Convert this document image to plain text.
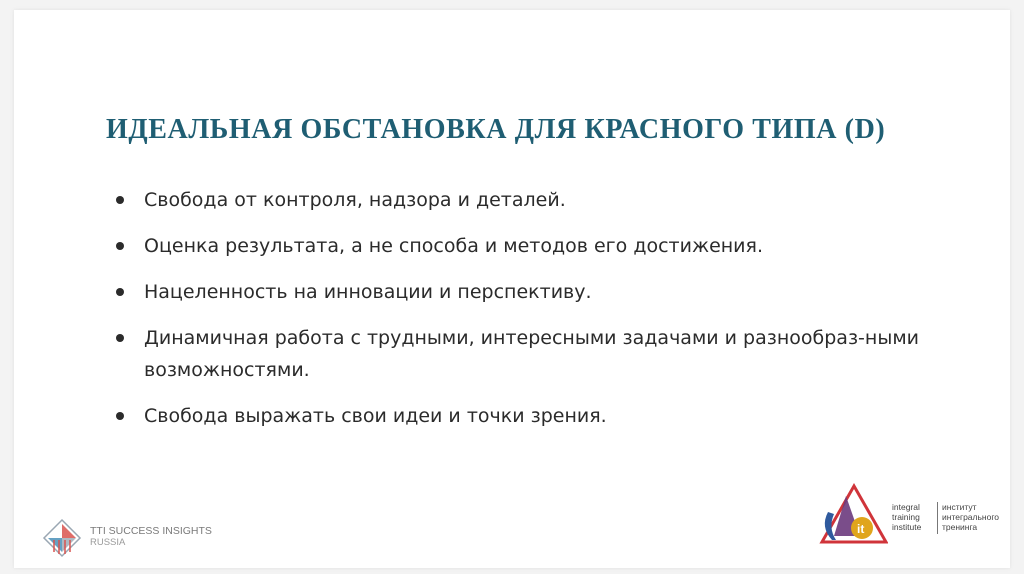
ИДЕАЛЬНАЯ ОБСТАНОВКА ДЛЯ КРАСНОГО ТИПА (D)
Свобода от контроля, надзора и деталей.
Оценка результата, а не способа и методов его достижения.
Нацеленность на инновации и перспективу.
Динамичная работа с трудными, интересными задачами и разнообраз-ными возможностями.
Свобода выражать свои идеи и точки зрения.
TTI SUCCESS INSIGHTS
RUSSIA
it
integral
training
institute
институт
интегрального
тренинга
